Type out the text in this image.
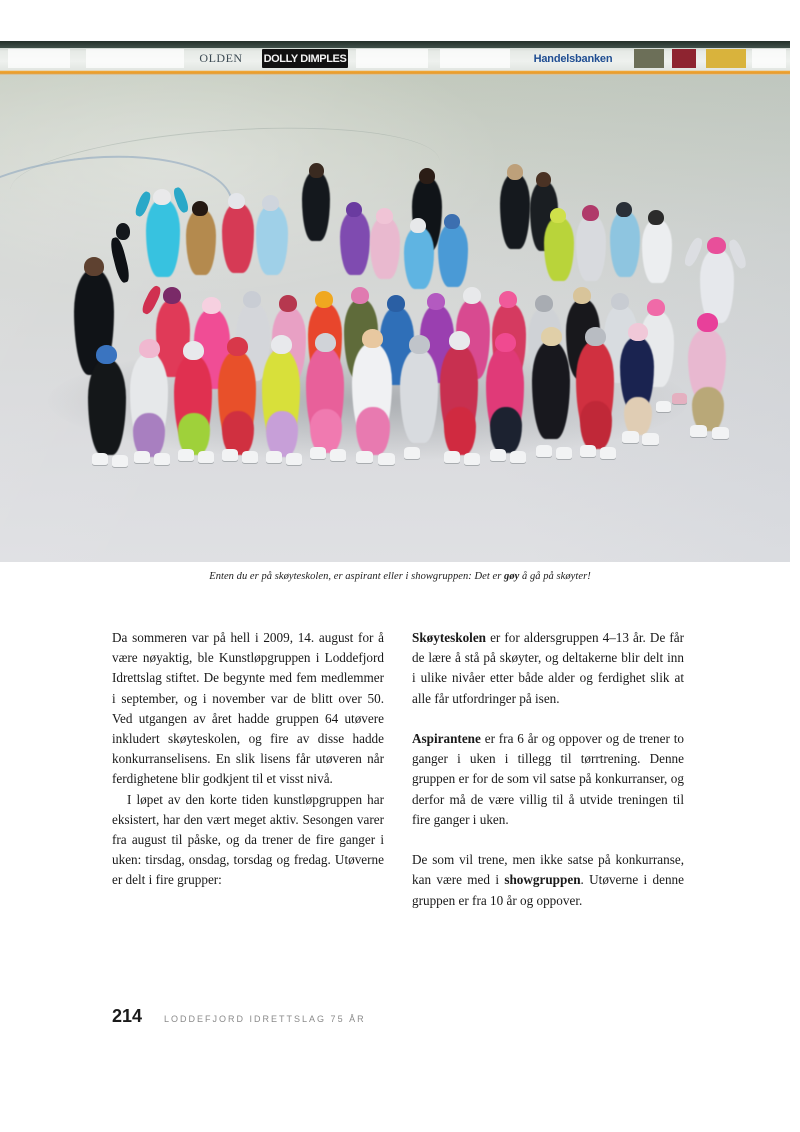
OLDEN	DOLLY DIMPLES	Handelsbanken
Enten du er på skøyteskolen, er aspirant eller i showgruppen: Det er gøy å gå på skøyter!

Da sommeren var på hell i 2009, 14. august for å være nøyaktig, ble Kunstløpgruppen i Loddefjord Idrettslag stiftet. De begynte med fem medlemmer i september, og i november var de blitt over 50. Ved utgangen av året hadde gruppen 64 utøvere inkludert skøyteskolen, og fire av disse hadde konkurranselisens. En slik lisens får utøveren når ferdighetene blir godkjent til et visst nivå.

I løpet av den korte tiden kunstløpgruppen har eksistert, har den vært meget aktiv. Sesongen varer fra august til påske, og da trener de fire ganger i uken: tirsdag, onsdag, torsdag og fredag. Utøverne er delt i fire grupper:

Skøyteskolen er for aldersgruppen 4–13 år. De får de lære å stå på skøyter, og deltakerne blir delt inn i ulike nivåer etter både alder og ferdighet slik at alle får utfordringer på isen.

Aspirantene er fra 6 år og oppover og de trener to ganger i uken i tillegg til tørrtrening. Denne gruppen er for de som vil satse på konkurranser, og derfor må de være villig til å utvide treningen til fire ganger i uken.

De som vil trene, men ikke satse på konkurranse, kan være med i showgruppen. Utøverne i denne gruppen er fra 10 år og oppover.

214 LODDEFJORD IDRETTSLAG 75 ÅR
